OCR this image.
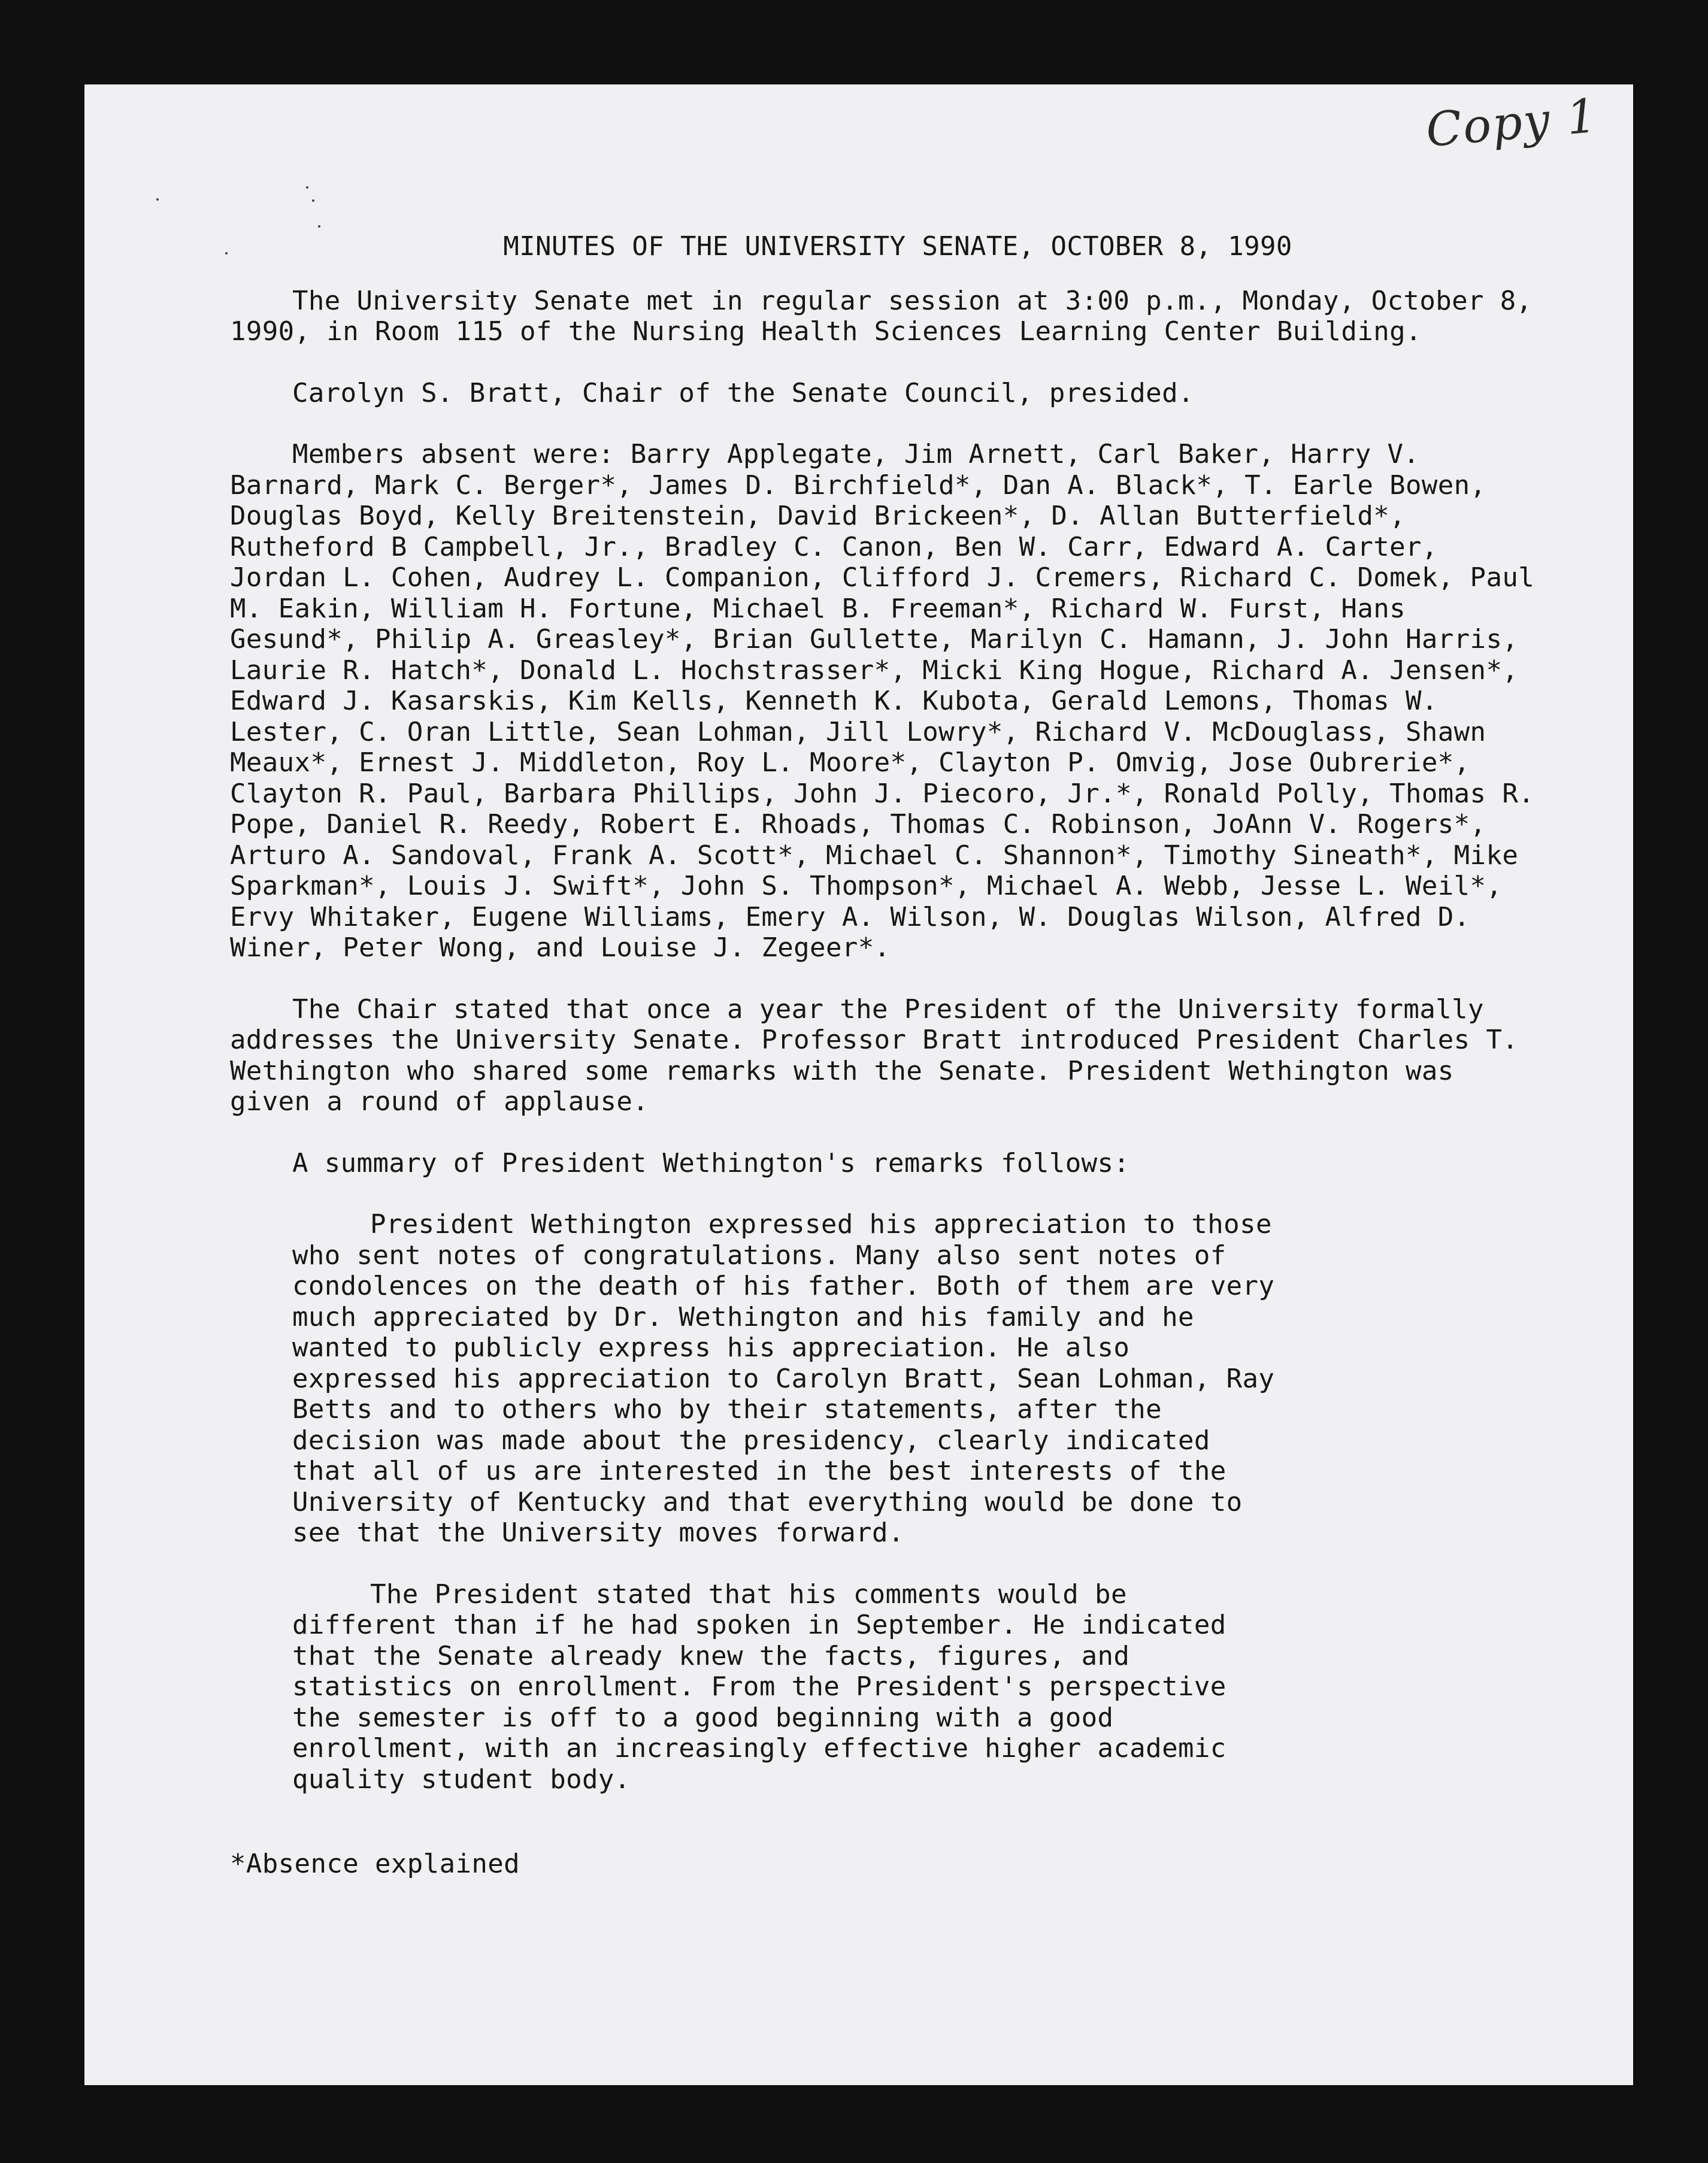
Copy 1
MINUTES OF THE UNIVERSITY SENATE, OCTOBER 8, 1990

The University Senate met in regular session at 3:00 p.m., Monday, October 8, 1990, in Room 115 of the Nursing Health Sciences Learning Center Building.

Carolyn S. Bratt, Chair of the Senate Council, presided.

Members absent were: Barry Applegate, Jim Arnett, Carl Baker, Harry V. Barnard, Mark C. Berger*, James D. Birchfield*, Dan A. Black*, T. Earle Bowen, Douglas Boyd, Kelly Breitenstein, David Brickeen*, D. Allan Butterfield*, Rutheford B Campbell, Jr., Bradley C. Canon, Ben W. Carr, Edward A. Carter, Jordan L. Cohen, Audrey L. Companion, Clifford J. Cremers, Richard C. Domek, Paul M. Eakin, William H. Fortune, Michael B. Freeman*, Richard W. Furst, Hans Gesund*, Philip A. Greasley*, Brian Gullette, Marilyn C. Hamann, J. John Harris, Laurie R. Hatch*, Donald L. Hochstrasser*, Micki King Hogue, Richard A. Jensen*, Edward J. Kasarskis, Kim Kells, Kenneth K. Kubota, Gerald Lemons, Thomas W. Lester, C. Oran Little, Sean Lohman, Jill Lowry*, Richard V. McDouglass, Shawn Meaux*, Ernest J. Middleton, Roy L. Moore*, Clayton P. Omvig, Jose Oubrerie*, Clayton R. Paul, Barbara Phillips, John J. Piecoro, Jr.*, Ronald Polly, Thomas R. Pope, Daniel R. Reedy, Robert E. Rhoads, Thomas C. Robinson, JoAnn V. Rogers*, Arturo A. Sandoval, Frank A. Scott*, Michael C. Shannon*, Timothy Sineath*, Mike Sparkman*, Louis J. Swift*, John S. Thompson*, Michael A. Webb, Jesse L. Weil*, Ervy Whitaker, Eugene Williams, Emery A. Wilson, W. Douglas Wilson, Alfred D. Winer, Peter Wong, and Louise J. Zegeer*.

The Chair stated that once a year the President of the University formally addresses the University Senate. Professor Bratt introduced President Charles T. Wethington who shared some remarks with the Senate. President Wethington was given a round of applause.

A summary of President Wethington's remarks follows:

President Wethington expressed his appreciation to those who sent notes of congratulations. Many also sent notes of condolences on the death of his father. Both of them are very much appreciated by Dr. Wethington and his family and he wanted to publicly express his appreciation. He also expressed his appreciation to Carolyn Bratt, Sean Lohman, Ray Betts and to others who by their statements, after the decision was made about the presidency, clearly indicated that all of us are interested in the best interests of the University of Kentucky and that everything would be done to see that the University moves forward.

The President stated that his comments would be different than if he had spoken in September. He indicated that the Senate already knew the facts, figures, and statistics on enrollment. From the President's perspective the semester is off to a good beginning with a good enrollment, with an increasingly effective higher academic quality student body.

*Absence explained
